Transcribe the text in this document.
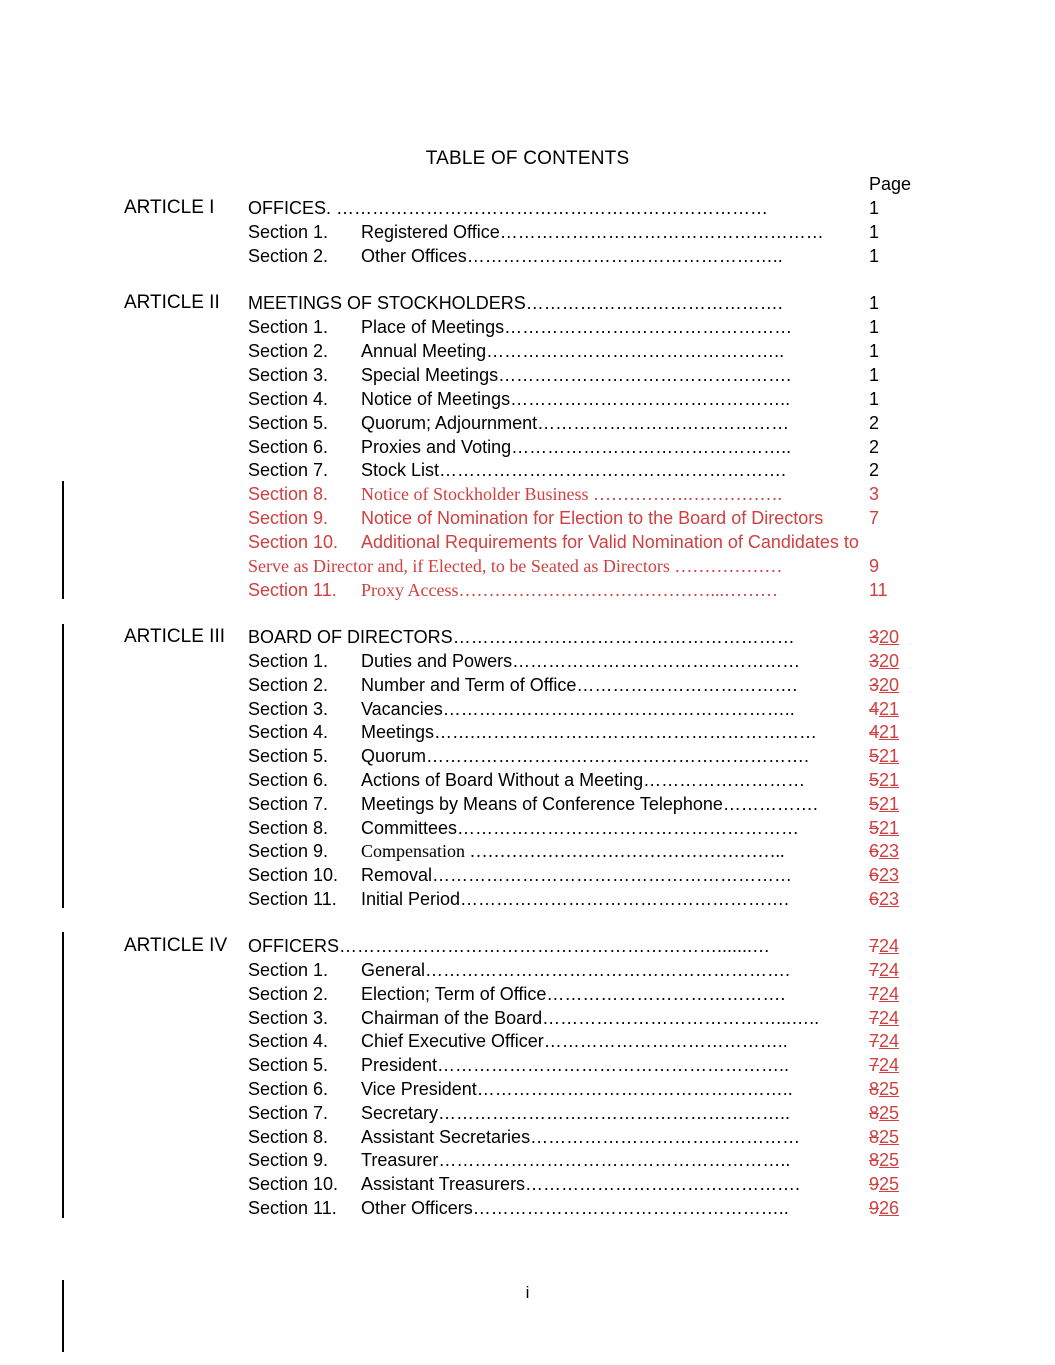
TABLE OF CONTENTS
Page
ARTICLE I OFFICES. ………………………………………………………………	1
Section 1. Registered Office………………………………………………	1
Section 2. Other Offices……………………………………………..	1
ARTICLE II MEETINGS OF STOCKHOLDERS…………………………………….	1
Section 1. Place of Meetings…………………………………………	1
Section 2. Annual Meeting…………………………………………..	1
Section 3. Special Meetings………………………………………….	1
Section 4. Notice of Meetings………………………………………..	1
Section 5. Quorum; Adjournment……………………………………	2
Section 6. Proxies and Voting………………………………………..	2
Section 7. Stock List………………………………………………….	2
Section 8. Notice of Stockholder Business …………….…………….	3
Section 9. Notice of Nomination for Election to the Board of Directors	7
Section 10. Additional Requirements for Valid Nomination of Candidates to
Serve as Director and, if Elected, to be Seated as Directors ………………	9
Section 11. Proxy Access……………………………………...………	11
ARTICLE III BOARD OF DIRECTORS…………………………………………………	320
Section 1. Duties and Powers…………………………………………	320
Section 2. Number and Term of Office……………………………….	320
Section 3. Vacancies…………………………………………………..	421
Section 4. Meetings…….…………………………………………………	421
Section 5. Quorum……………………………………………………….	521
Section 6. Actions of Board Without a Meeting………………………	521
Section 7. Meetings by Means of Conference Telephone…………….	521
Section 8. Committees…………………………………………………	521
Section 9. Compensation ……………………………………………..	623
Section 10. Removal……………………………………………………	623
Section 11. Initial Period……………………………………………….	623
ARTICLE IV OFFICERS……………………………………………………….......…	724
Section 1. General…………………………………………………….	724
Section 2. Election; Term of Office………………………………….	724
Section 3. Chairman of the Board…………………………………...…..	724
Section 4. Chief Executive Officer…………………………………..	724
Section 5. President…………………………………………………..	724
Section 6. Vice President……………………………………………..	825
Section 7. Secretary…………………………………………………..	825
Section 8. Assistant Secretaries………………………………………	825
Section 9. Treasurer…………………………………………………..	825
Section 10. Assistant Treasurers……………………………………….	925
Section 11. Other Officers……………………………………………..	926
i
